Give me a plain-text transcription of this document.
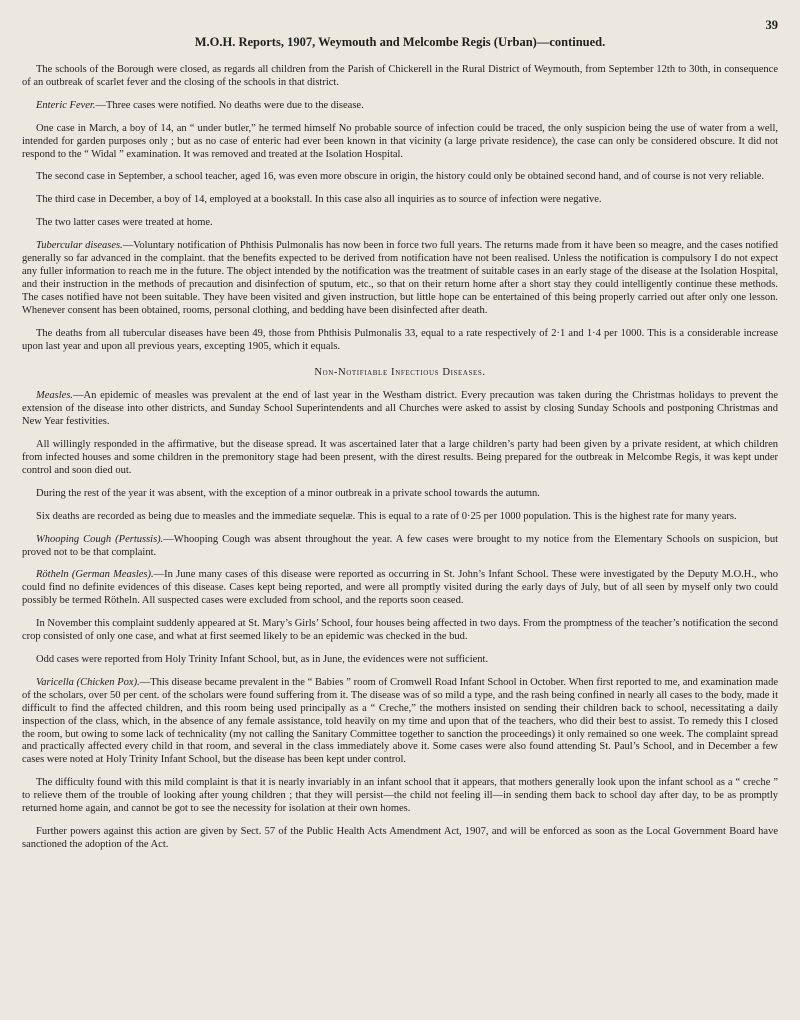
39
M.O.H. Reports, 1907, Weymouth and Melcombe Regis (Urban)—continued.

The schools of the Borough were closed, as regards all children from the Parish of Chickerell in the Rural District of Weymouth, from September 12th to 30th, in consequence of an outbreak of scarlet fever and the closing of the schools in that district.

Enteric Fever.—Three cases were notified. No deaths were due to the disease.

One case in March, a boy of 14, an “ under butler,” he termed himself No probable source of infection could be traced, the only suspicion being the use of water from a well, intended for garden purposes only ; but as no case of enteric had ever been known in that vicinity (a large private residence), the case can only be considered obscure. It did not respond to the “ Widal ” examination. It was removed and treated at the Isolation Hospital.

The second case in September, a school teacher, aged 16, was even more obscure in origin, the history could only be obtained second hand, and of course is not very reliable.

The third case in December, a boy of 14, employed at a bookstall. In this case also all inquiries as to source of infection were negative.

The two latter cases were treated at home.

Tubercular diseases.—Voluntary notification of Phthisis Pulmonalis has now been in force two full years. The returns made from it have been so meagre, and the cases notified generally so far advanced in the complaint. that the benefits expected to be derived from notification have not been realised. Unless the notification is compulsory I do not expect any fuller information to reach me in the future. The object intended by the notification was the treatment of suitable cases in an early stage of the disease at the Isolation Hospital, and their instruction in the methods of precaution and disinfection of sputum, etc., so that on their return home after a short stay they could intelligently continue these methods. The cases notified have not been suitable. They have been visited and given instruction, but little hope can be entertained of this being properly carried out after only one lesson. Whenever consent has been obtained, rooms, personal clothing, and bedding have been disinfected after death.

The deaths from all tubercular diseases have been 49, those from Phthisis Pulmonalis 33, equal to a rate respectively of 2·1 and 1·4 per 1000. This is a considerable increase upon last year and upon all previous years, excepting 1905, which it equals.

Non-Notifiable Infectious Diseases.

Measles.—An epidemic of measles was prevalent at the end of last year in the Westham district. Every precaution was taken during the Christmas holidays to prevent the extension of the disease into other districts, and Sunday School Superintendents and all Churches were asked to assist by closing Sunday Schools and postponing Christmas and New Year festivities.

All willingly responded in the affirmative, but the disease spread. It was ascertained later that a large children’s party had been given by a private resident, at which children from infected houses and some children in the premonitory stage had been present, with the direst results. Being prepared for the outbreak in Melcombe Regis, it was kept under control and soon died out.

During the rest of the year it was absent, with the exception of a minor outbreak in a private school towards the autumn.

Six deaths are recorded as being due to measles and the immediate sequelæ. This is equal to a rate of 0·25 per 1000 population. This is the highest rate for many years.

Whooping Cough (Pertussis).—Whooping Cough was absent throughout the year. A few cases were brought to my notice from the Elementary Schools on suspicion, but proved not to be that complaint.

Rötheln (German Measles).—In June many cases of this disease were reported as occurring in St. John’s Infant School. These were investigated by the Deputy M.O.H., who could find no definite evidences of this disease. Cases kept being reported, and were all promptly visited during the early days of July, but of all seen by myself only two could possibly be termed Rötheln. All suspected cases were excluded from school, and the reports soon ceased.

In November this complaint suddenly appeared at St. Mary’s Girls’ School, four houses being affected in two days. From the promptness of the teacher’s notification the second crop consisted of only one case, and what at first seemed likely to be an epidemic was checked in the bud.

Odd cases were reported from Holy Trinity Infant School, but, as in June, the evidences were not sufficient.

Varicella (Chicken Pox).—This disease became prevalent in the “ Babies ” room of Cromwell Road Infant School in October. When first reported to me, and examination made of the scholars, over 50 per cent. of the scholars were found suffering from it. The disease was of so mild a type, and the rash being confined in nearly all cases to the body, made it difficult to find the affected children, and this room being used principally as a “ Creche,” the mothers insisted on sending their children back to school, necessitating a daily inspection of the class, which, in the absence of any female assistance, told heavily on my time and upon that of the teachers, who did their best to assist. To remedy this I closed the room, but owing to some lack of technicality (my not calling the Sanitary Committee together to sanction the proceedings) it only remained so one week. The complaint spread and practically affected every child in that room, and several in the class immediately above it. Some cases were also found attending St. Paul’s School, and in December a few cases were noted at Holy Trinity Infant School, but the disease has been kept under control.

The difficulty found with this mild complaint is that it is nearly invariably in an infant school that it appears, that mothers generally look upon the infant school as a “ creche ” to relieve them of the trouble of looking after young children ; that they will persist—the child not feeling ill—in sending them back to school day after day, to be as promptly returned home again, and cannot be got to see the necessity for isolation at their own homes.

Further powers against this action are given by Sect. 57 of the Public Health Acts Amendment Act, 1907, and will be enforced as soon as the Local Government Board have sanctioned the adoption of the Act.
